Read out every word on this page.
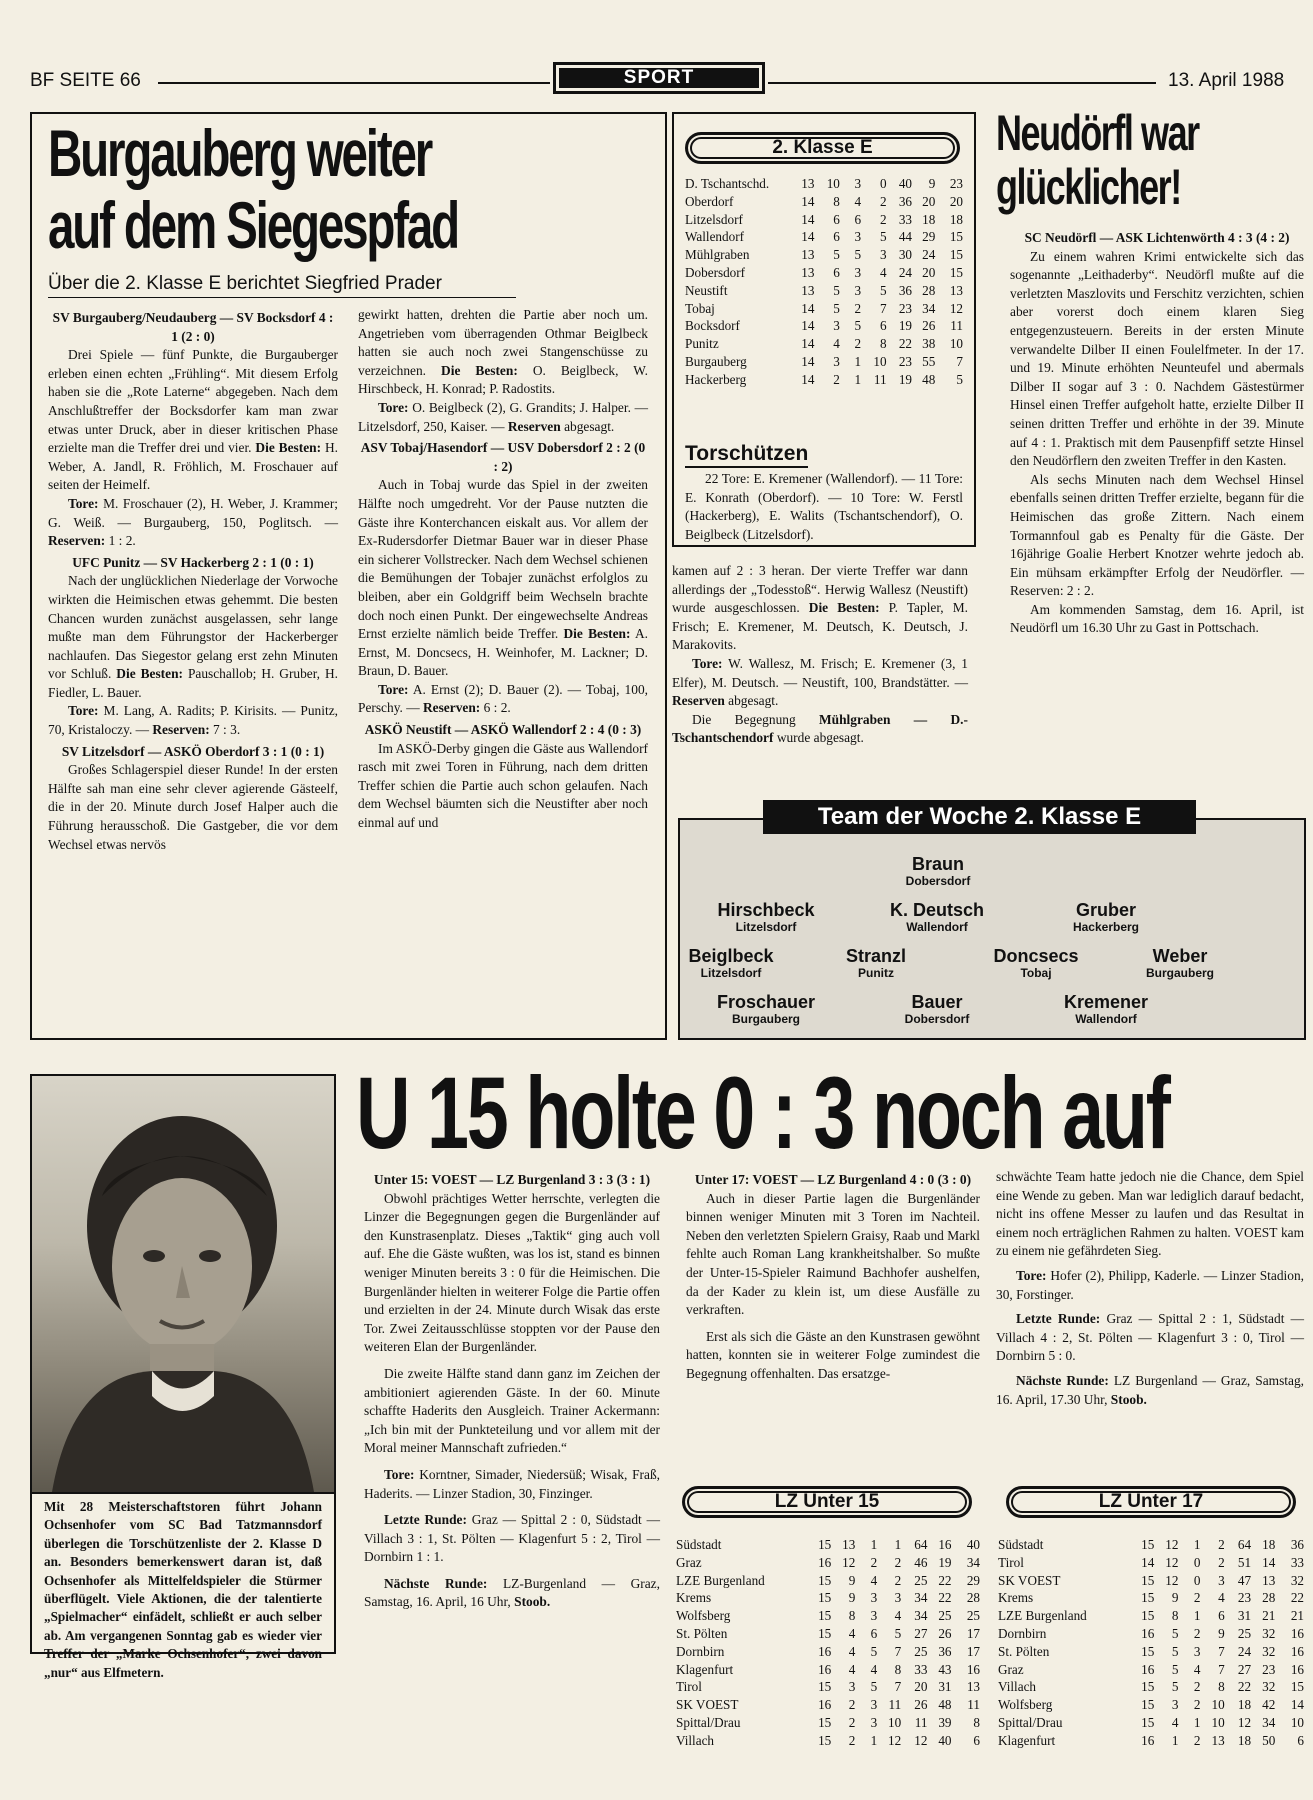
BF SEITE 66	SPORT	13. April 1988
Burgauberg weiter
auf dem Siegespfad
Über die 2. Klasse E berichtet Siegfried Prader
SV Burgauberg/Neudauberg — SV Bocksdorf 4 : 1 (2 : 0)

Drei Spiele — fünf Punkte, die Burgauberger erleben einen echten „Frühling“. Mit diesem Erfolg haben sie die „Rote Laterne“ abgegeben. Nach dem Anschlußtreffer der Bocksdorfer kam man zwar etwas unter Druck, aber in dieser kritischen Phase erzielte man die Treffer drei und vier. Die Besten: H. Weber, A. Jandl, R. Fröhlich, M. Froschauer auf seiten der Heimelf.

Tore: M. Froschauer (2), H. Weber, J. Krammer; G. Weiß. — Burgauberg, 150, Poglitsch. — Reserven: 1 : 2.

UFC Punitz — SV Hackerberg 2 : 1 (0 : 1)

Nach der unglücklichen Niederlage der Vorwoche wirkten die Heimischen etwas gehemmt. Die besten Chancen wurden zunächst ausgelassen, sehr lange mußte man dem Führungstor der Hackerberger nachlaufen. Das Siegestor gelang erst zehn Minuten vor Schluß. Die Besten: Pauschallob; H. Gruber, H. Fiedler, L. Bauer.

Tore: M. Lang, A. Radits; P. Kirisits. — Punitz, 70, Kristaloczy. — Reserven: 7 : 3.

SV Litzelsdorf — ASKÖ Oberdorf 3 : 1 (0 : 1)

Großes Schlagerspiel dieser Runde! In der ersten Hälfte sah man eine sehr clever agierende Gästeelf, die in der 20. Minute durch Josef Halper auch die Führung herausschoß. Die Gastgeber, die vor dem Wechsel etwas nervös

gewirkt hatten, drehten die Partie aber noch um. Angetrieben vom überragenden Othmar Beiglbeck hatten sie auch noch zwei Stangenschüsse zu verzeichnen. Die Besten: O. Beiglbeck, W. Hirschbeck, H. Konrad; P. Radostits.

Tore: O. Beiglbeck (2), G. Grandits; J. Halper. — Litzelsdorf, 250, Kaiser. — Reserven abgesagt.

ASV Tobaj/Hasendorf — USV Dobersdorf 2 : 2 (0 : 2)

Auch in Tobaj wurde das Spiel in der zweiten Hälfte noch umgedreht. Vor der Pause nutzten die Gäste ihre Konterchancen eiskalt aus. Vor allem der Ex-Rudersdorfer Dietmar Bauer war in dieser Phase ein sicherer Vollstrecker. Nach dem Wechsel schienen die Bemühungen der Tobajer zunächst erfolglos zu bleiben, aber ein Goldgriff beim Wechseln brachte doch noch einen Punkt. Der eingewechselte Andreas Ernst erzielte nämlich beide Treffer. Die Besten: A. Ernst, M. Doncsecs, H. Weinhofer, M. Lackner; D. Braun, D. Bauer.

Tore: A. Ernst (2); D. Bauer (2). — Tobaj, 100, Perschy. — Reserven: 6 : 2.

ASKÖ Neustift — ASKÖ Wallendorf 2 : 4 (0 : 3)

Im ASKÖ-Derby gingen die Gäste aus Wallendorf rasch mit zwei Toren in Führung, nach dem dritten Treffer schien die Partie auch schon gelaufen. Nach dem Wechsel bäumten sich die Neustifter aber noch einmal auf und

2. Klasse E
D. Tschantschd.	13	10	3	0	40	9	23
Oberdorf	14	8	4	2	36	20	20
Litzelsdorf	14	6	6	2	33	18	18
Wallendorf	14	6	3	5	44	29	15
Mühlgraben	13	5	5	3	30	24	15
Dobersdorf	13	6	3	4	24	20	15
Neustift	13	5	3	5	36	28	13
Tobaj	14	5	2	7	23	34	12
Bocksdorf	14	3	5	6	19	26	11
Punitz	14	4	2	8	22	38	10
Burgauberg	14	3	1	10	23	55	7
Hackerberg	14	2	1	11	19	48	5
Torschützen

22 Tore: E. Kremener (Wallendorf). — 11 Tore: E. Konrath (Oberdorf). — 10 Tore: W. Ferstl (Hackerberg), E. Walits (Tschantschendorf), O. Beiglbeck (Litzelsdorf).

kamen auf 2 : 3 heran. Der vierte Treffer war dann allerdings der „Todesstoß“. Herwig Wallesz (Neustift) wurde ausgeschlossen. Die Besten: P. Tapler, M. Frisch; E. Kremener, M. Deutsch, K. Deutsch, J. Marakovits.

Tore: W. Wallesz, M. Frisch; E. Kremener (3, 1 Elfer), M. Deutsch. — Neustift, 100, Brandstätter. — Reserven abgesagt.

Die Begegnung Mühlgraben — D.-Tschantschendorf wurde abgesagt.

Neudörfl war
glücklicher!
SC Neudörfl — ASK Lichtenwörth 4 : 3 (4 : 2)

Zu einem wahren Krimi entwickelte sich das sogenannte „Leithaderby“. Neudörfl mußte auf die verletzten Maszlovits und Ferschitz verzichten, schien aber vorerst doch einem klaren Sieg entgegenzusteuern. Bereits in der ersten Minute verwandelte Dilber II einen Foulelfmeter. In der 17. und 19. Minute erhöhten Neunteufel und abermals Dilber II sogar auf 3 : 0. Nachdem Gästestürmer Hinsel einen Treffer aufgeholt hatte, erzielte Dilber II seinen dritten Treffer und erhöhte in der 39. Minute auf 4 : 1. Praktisch mit dem Pausenpfiff setzte Hinsel den Neudörflern den zweiten Treffer in den Kasten.

Als sechs Minuten nach dem Wechsel Hinsel ebenfalls seinen dritten Treffer erzielte, begann für die Heimischen das große Zittern. Nach einem Tormannfoul gab es Penalty für die Gäste. Der 16jährige Goalie Herbert Knotzer wehrte jedoch ab. Ein mühsam erkämpfter Erfolg der Neudörfler. — Reserven: 2 : 2.

Am kommenden Samstag, dem 16. April, ist Neudörfl um 16.30 Uhr zu Gast in Pottschach.

Team der Woche 2. Klasse E
Braun
Dobersdorf
Hirschbeck
Litzelsdorf
K. Deutsch
Wallendorf
Gruber
Hackerberg
Beiglbeck
Litzelsdorf
Stranzl
Punitz
Doncsecs
Tobaj
Weber
Burgauberg
Froschauer
Burgauberg
Bauer
Dobersdorf
Kremener
Wallendorf

Mit 28 Meisterschaftstoren führt Johann Ochsenhofer vom SC Bad Tatzmannsdorf überlegen die Torschützenliste der 2. Klasse D an. Besonders bemerkenswert daran ist, daß Ochsenhofer als Mittelfeldspieler die Stürmer überflügelt. Viele Aktionen, die der talentierte „Spielmacher“ einfädelt, schließt er auch selber ab. Am vergangenen Sonntag gab es wieder vier Treffer der „Marke Ochsenhofer“, zwei davon „nur“ aus Elfmetern.

U 15 holte 0 : 3 noch auf
Unter 15: VOEST — LZ Burgenland 3 : 3 (3 : 1)

Obwohl prächtiges Wetter herrschte, verlegten die Linzer die Begegnungen gegen die Burgenländer auf den Kunstrasenplatz. Dieses „Taktik“ ging auch voll auf. Ehe die Gäste wußten, was los ist, stand es binnen weniger Minuten bereits 3 : 0 für die Heimischen. Die Burgenländer hielten in weiterer Folge die Partie offen und erzielten in der 24. Minute durch Wisak das erste Tor. Zwei Zeitausschlüsse stoppten vor der Pause den weiteren Elan der Burgenländer.

Die zweite Hälfte stand dann ganz im Zeichen der ambitioniert agierenden Gäste. In der 60. Minute schaffte Haderits den Ausgleich. Trainer Ackermann: „Ich bin mit der Punkteteilung und vor allem mit der Moral meiner Mannschaft zufrieden.“

Tore: Korntner, Simader, Niedersüß; Wisak, Fraß, Haderits. — Linzer Stadion, 30, Finzinger.

Letzte Runde: Graz — Spittal 2 : 0, Südstadt — Villach 3 : 1, St. Pölten — Klagenfurt 5 : 2, Tirol — Dornbirn 1 : 1.

Nächste Runde: LZ-Burgenland — Graz, Samstag, 16. April, 16 Uhr, Stoob.

Unter 17: VOEST — LZ Burgenland 4 : 0 (3 : 0)

Auch in dieser Partie lagen die Burgenländer binnen weniger Minuten mit 3 Toren im Nachteil. Neben den verletzten Spielern Graisy, Raab und Markl fehlte auch Roman Lang krankheitshalber. So mußte der Unter-15-Spieler Raimund Bachhofer aushelfen, da der Kader zu klein ist, um diese Ausfälle zu verkraften.

Erst als sich die Gäste an den Kunstrasen gewöhnt hatten, konnten sie in weiterer Folge zumindest die Begegnung offenhalten. Das ersatzge-

schwächte Team hatte jedoch nie die Chance, dem Spiel eine Wende zu geben. Man war lediglich darauf bedacht, nicht ins offene Messer zu laufen und das Resultat in einem noch erträglichen Rahmen zu halten. VOEST kam zu einem nie gefährdeten Sieg.

Tore: Hofer (2), Philipp, Kaderle. — Linzer Stadion, 30, Forstinger.

Letzte Runde: Graz — Spittal 2 : 1, Südstadt — Villach 4 : 2, St. Pölten — Klagenfurt 3 : 0, Tirol — Dornbirn 5 : 0.

Nächste Runde: LZ Burgenland — Graz, Samstag, 16. April, 17.30 Uhr, Stoob.

LZ Unter 15
Südstadt	15	13	1	1	64	16	40
Graz	16	12	2	2	46	19	34
LZE Burgenland	15	9	4	2	25	22	29
Krems	15	9	3	3	34	22	28
Wolfsberg	15	8	3	4	34	25	25
St. Pölten	15	4	6	5	27	26	17
Dornbirn	16	4	5	7	25	36	17
Klagenfurt	16	4	4	8	33	43	16
Tirol	15	3	5	7	20	31	13
SK VOEST	16	2	3	11	26	48	11
Spittal/Drau	15	2	3	10	11	39	8
Villach	15	2	1	12	12	40	6
LZ Unter 17
Südstadt	15	12	1	2	64	18	36
Tirol	14	12	0	2	51	14	33
SK VOEST	15	12	0	3	47	13	32
Krems	15	9	2	4	23	28	22
LZE Burgenland	15	8	1	6	31	21	21
Dornbirn	16	5	2	9	25	32	16
St. Pölten	15	5	3	7	24	32	16
Graz	16	5	4	7	27	23	16
Villach	15	5	2	8	22	32	15
Wolfsberg	15	3	2	10	18	42	14
Spittal/Drau	15	4	1	10	12	34	10
Klagenfurt	16	1	2	13	18	50	6
